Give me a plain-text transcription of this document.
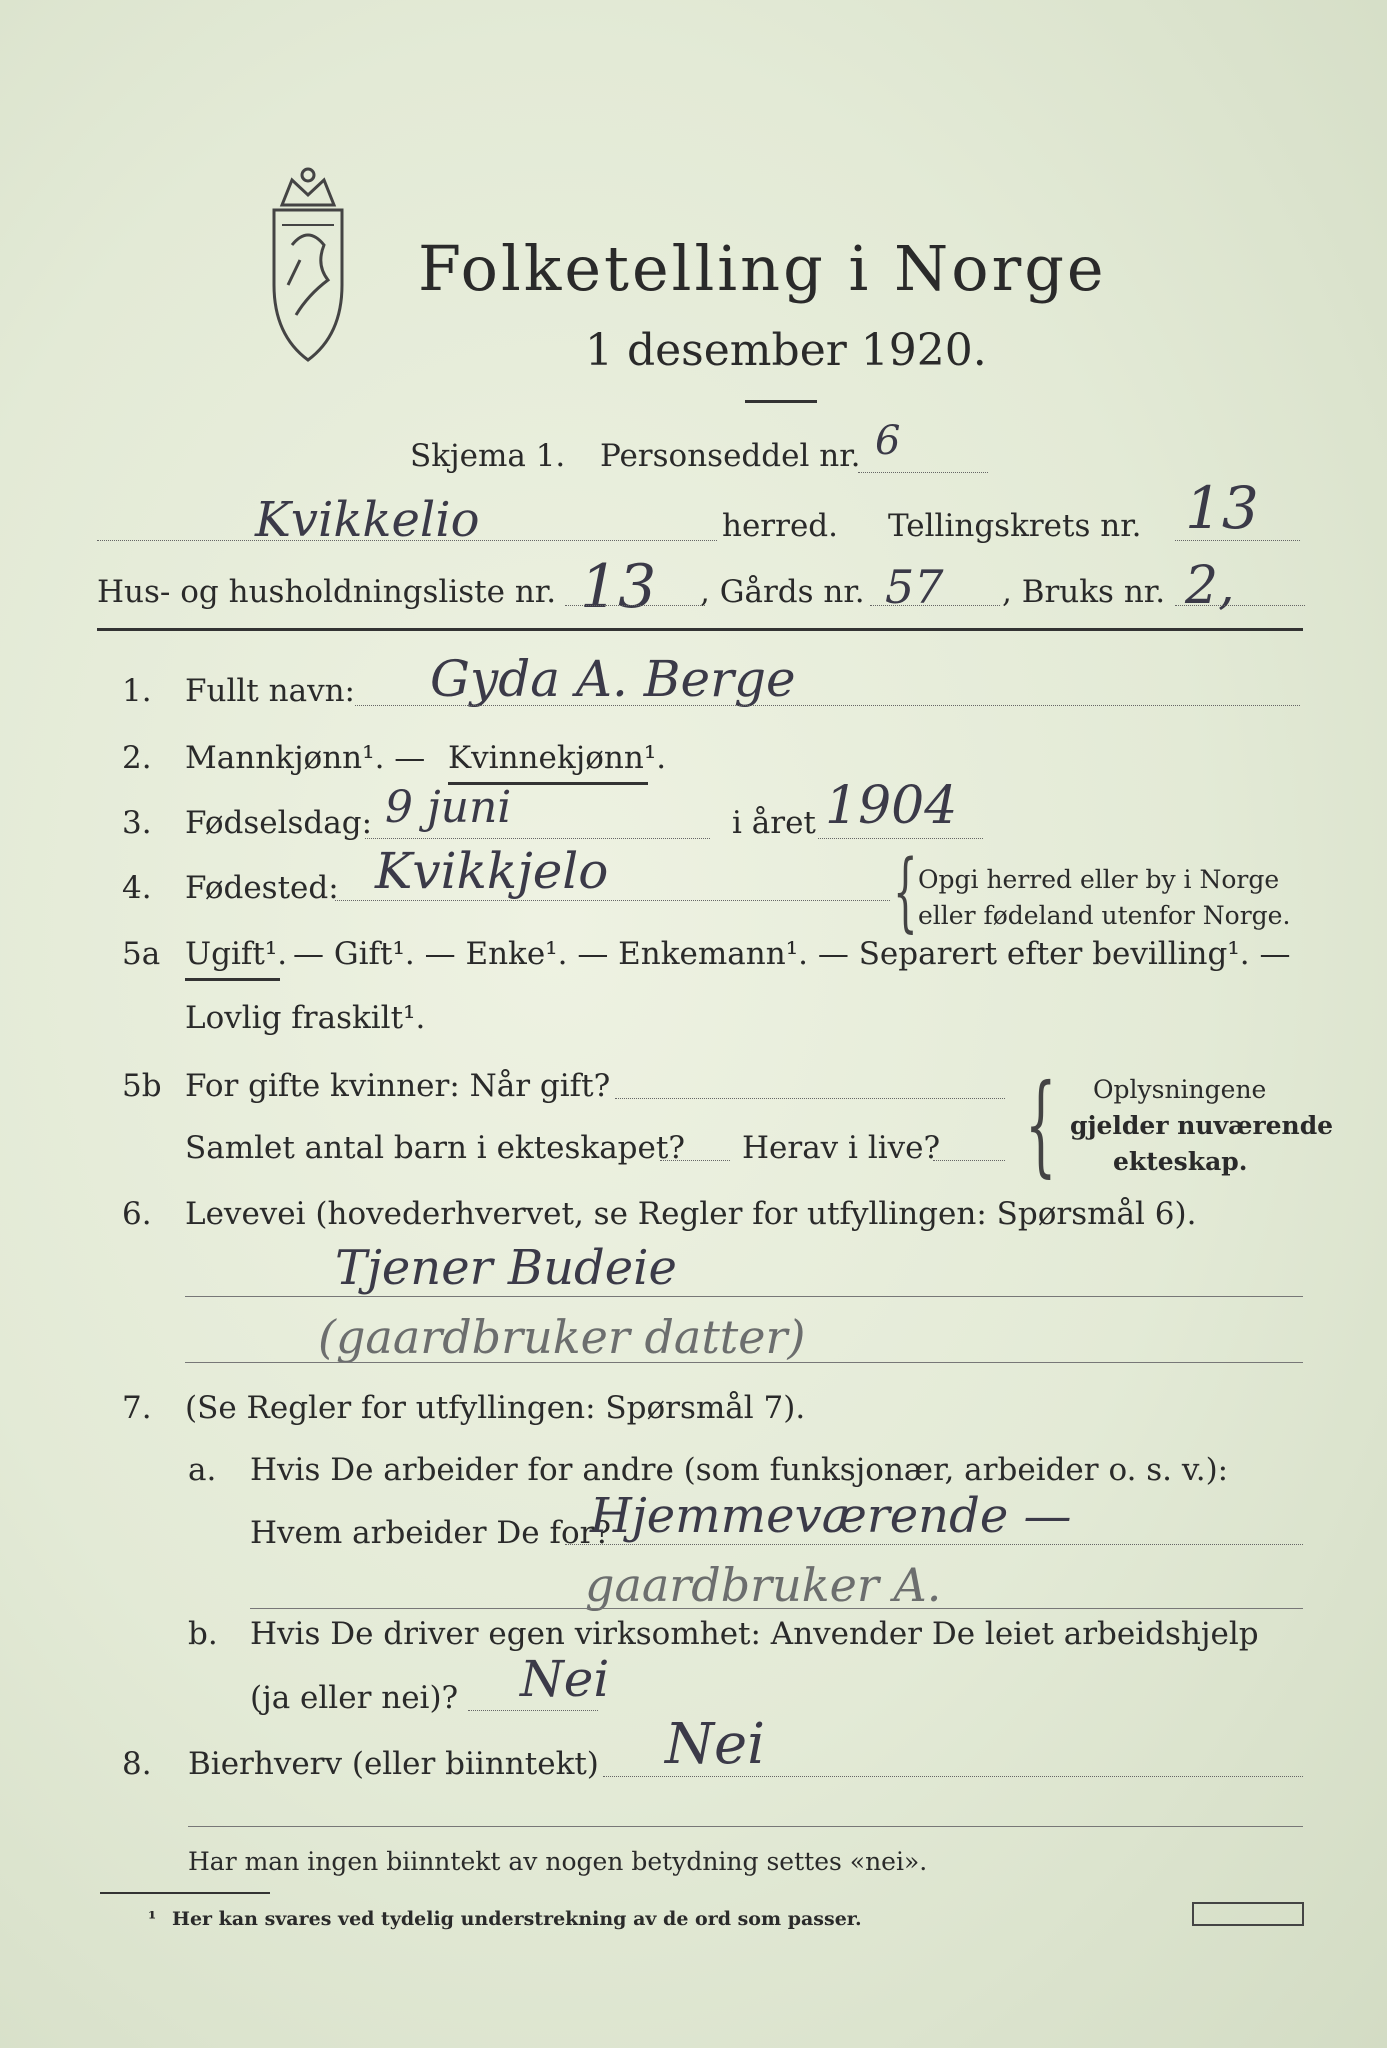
Folketelling i Norge
1 desember 1920.
Skjema 1. Personseddel nr. 6
Kvikkelio	herred. Tellingskrets nr. 13
Hus- og husholdningsliste nr. 13 , Gårds nr. 57 , Bruks nr. 2,
1. Fullt navn: Gyda A. Berge
2. Mannkjønn¹. — Kvinnekjønn¹.
3. Fødselsdag: 9 juni	i året 1904
4. Fødested: Kvikkjelo	{ Opgi herred eller by i Norge
eller fødeland utenfor Norge.
5a Ugift¹. — Gift¹. — Enke¹. — Enkemann¹. — Separert efter bevilling¹. —
Lovlig fraskilt¹.
5b For gifte kvinner: Når gift?
Samlet antal barn i ekteskapet? Herav i live? { Oplysningene
gjelder nuværende
ekteskap.
6. Levevei (hovederhvervet, se Regler for utfyllingen: Spørsmål 6).
Tjener Budeie
(gaardbruker datter)
7. (Se Regler for utfyllingen: Spørsmål 7).
a. Hvis De arbeider for andre (som funksjonær, arbeider o. s. v.):
Hvem arbeider De for?
Hjemmeværende —
gaardbruker A.
b. Hvis De driver egen virksomhet: Anvender De leiet arbeidshjelp
(ja eller nei)? Nei
8. Bierhverv (eller biinntekt) Nei
Har man ingen biinntekt av nogen betydning settes «nei».
¹ Her kan svares ved tydelig understrekning av de ord som passer.
